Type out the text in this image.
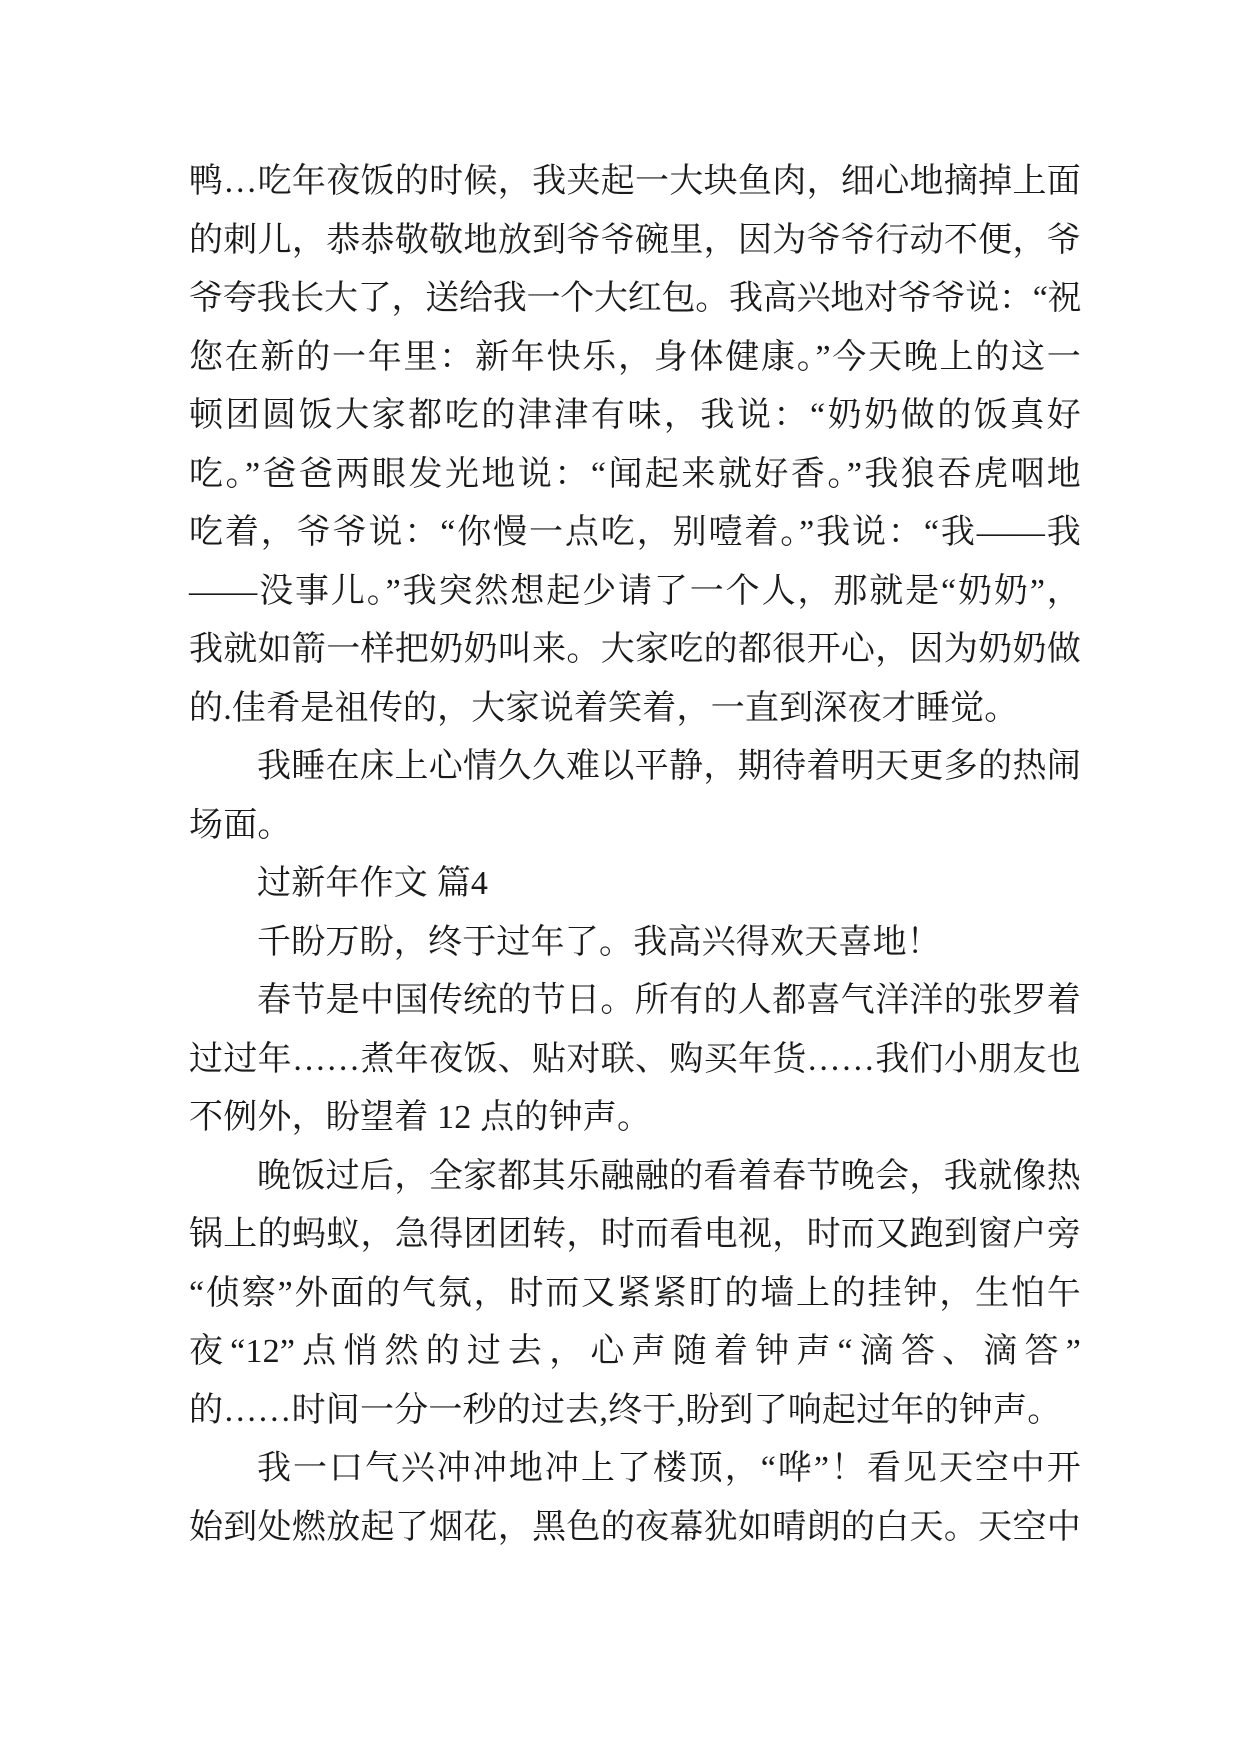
鸭…吃年夜饭的时候，我夹起一大块鱼肉，细心地摘掉上面
的刺儿，恭恭敬敬地放到爷爷碗里，因为爷爷行动不便，爷
爷夸我长大了，送给我一个大红包。我高兴地对爷爷说：“祝
您在新的一年里：新年快乐，身体健康。”今天晚上的这一
顿团圆饭大家都吃的津津有味，我说：“奶奶做的饭真好
吃。”爸爸两眼发光地说：“闻起来就好香。”我狼吞虎咽地
吃着，爷爷说：“你慢一点吃，别噎着。”我说：“我——我
——没事儿。”我突然想起少请了一个人，那就是“奶奶”，
我就如箭一样把奶奶叫来。大家吃的都很开心，因为奶奶做
的.佳肴是祖传的，大家说着笑着，一直到深夜才睡觉。
我睡在床上心情久久难以平静，期待着明天更多的热闹
场面。
过新年作文 篇4
千盼万盼，终于过年了。我高兴得欢天喜地！
春节是中国传统的节日。所有的人都喜气洋洋的张罗着
过过年……煮年夜饭、贴对联、购买年货……我们小朋友也
不例外，盼望着 12 点的钟声。
晚饭过后，全家都其乐融融的看着春节晚会，我就像热
锅上的蚂蚁，急得团团转，时而看电视，时而又跑到窗户旁
“侦察”外面的气氛，时而又紧紧盯的墙上的挂钟，生怕午
夜“12”点悄然的过去，心声随着钟声“滴答、滴答”
的……时间一分一秒的过去,终于,盼到了响起过年的钟声。
我一口气兴冲冲地冲上了楼顶，“哗”！看见天空中开
始到处燃放起了烟花，黑色的夜幕犹如晴朗的白天。天空中
